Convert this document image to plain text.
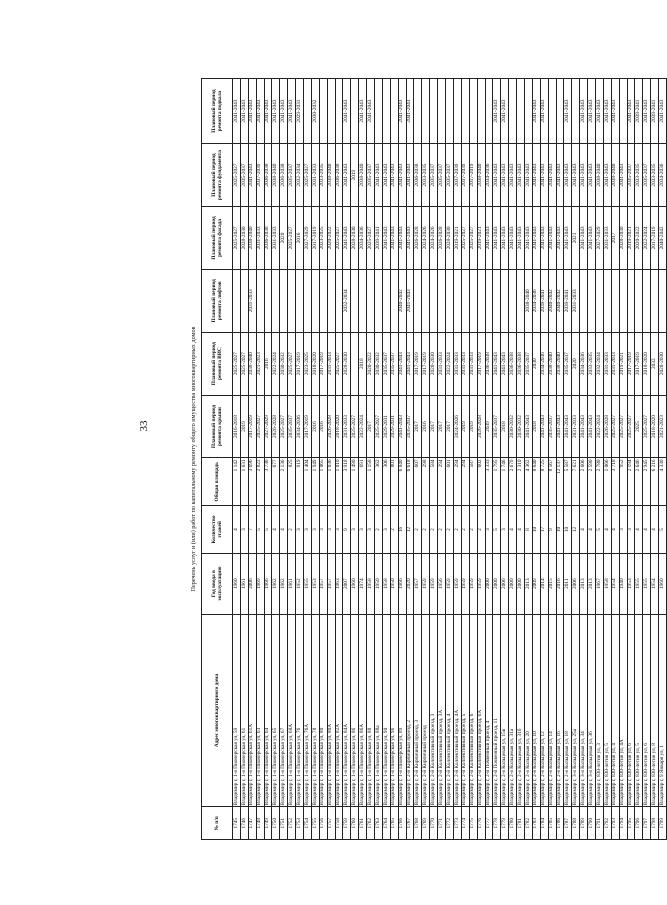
33	Перечень услуг и (или) работ по капитальному ремонту общего имущества многоквартирных домов
№ п/п	Адрес многоквартирного дома	Год ввода в эксплуатацию	Количество этажей	Общая площадь	Плановый период ремонта крыши	Плановый период ремонта ВИС	Плановый период ремонта лифтов	Плановый период ремонта фасада	Плановый период ремонта фундамента	Плановый период ремонта подвала
1745	Владимир г, 1-я Пионерская ул, 59	1960	4	1 142	2016-2018	2025-2027		2025-2027	2025-2027	2041-2043
1746	Владимир г, 1-я Пионерская ул, 61	1961	3	1 631	2019	2025-2027		2028-2030	2035-2037	2041-2043
1747	Владимир г, 1-я Пионерская ул, 61А	2006	7	3 696	2017-2019	2038-2040	2031-2033	2038-2040	2041-2043	2041-2043
1748	Владимир г, 1-я Пионерская ул, 63	1969	5	2 822	2025-2027	2021-2023		2031-2033	2037-2039	2041-2043
1749	Владимир г, 1-я Пионерская ул, 64	1966	5	3 736	2027-2029	2016		2036-2038	2036-2038	2041-2043
1750	Владимир г, 1-я Пионерская ул, 65	1962	4	677	2026-2028	2022-2024		2031-2033	2038-2040	2041-2043
1751	Владимир г, 1-я Пионерская ул, 67	1962	4	2 136	2025-2027	2030-2032		2020	2036-2038	2041-2043
1752	Владимир г, 1-я Пионерская ул, 68А	1961	2	825	2035-2037	2025-2027		2025-2027	2035-2037	2041-2043
1753	Владимир г, 1-я Пионерская ул, 76	1952	3	919	2034-2036	2017-2019		2016	2032-2034	2029-2031
1754	Владимир г, 1-я Пионерская ул, 76А	1955	3	1 404	2017-2019	2023-2025		2027-2029	2025-2027	
1755	Владимир г, 1-я Пионерская ул, 78	1953	3	1 949	2016	2018-2020		2017-2019	2031-2033	2030-2032
1756	Владимир г, 1-я Пионерская ул, 80	1957	3	1 065	2016	2017-2019		2023-2025	2033-2035	
1757	Владимир г, 1-я Пионерская ул, 80А	1957	3	1 036	2026-2028	2031-2033		2020-2022	2038-2040	
1758	Владимир г, 1-я Пионерская ул, 82А	1963	3	1 010	2018-2020	2025-2027		2025-2027	2036-2038	
1759	Владимир г, 1-я Пионерская ул, 84А	2007	9	3 918	2031-2033	2028-2030	2032-2034	2041-2043	2041-2043	2041-2043
1760	Владимир г, 1-я Пионерская ул, 86	1960	3	1 490	2025-2027			2028-2030	2019	
1761	Владимир г, 1-я Пионерская ул, 86А	1974	3	691	2022-2024	2018		2034-2036	2038-2040	2041-2043
1762	Владимир г, 1-я Пионерская ул, 88	1958	3	1 158	2017	2020-2022		2025-2027	2035-2037	2041-2043
1763	Владимир г, 1-я Пионерская ул, 88а	1950	2	362	2025-2027	2030-2032		2039-2041	2041-2043	
1764	Владимир г, 1-я Пионерская ул, 90	1958	3	306	2029-2031	2035-2037		2041-2043	2041-2043	
1765	Владимир г, 1-я Пионерская ул, 9б	1950	2	801	2029-2031	2035-2037		2041-2043	2041-2043	
1766	Владимир г, 1-я Пионерская ул, 89	1966	16	6 840	2041-2043	2041-2043	2040-2042	2041-2043	2041-2043	2041-2043
1767	Владимир г, 2-й Кирпичный проезд, 2	2020	12	6 618	2035-2037	2041-2043	2041-2043	2041-2043	2041-2043	2041-2043
1768	Владимир г, 2-й Кирпичный проезд, 3	1957	2	607	2017	2017-2019		2026-2028	2036-2038	
1769	Владимир г, 2-й Кирпичный проезд	1959	2	298	2016	2017-2019		2024-2026	2033-2035	
1770	Владимир г, 2-й Коллективный проезд, 3	1959	2	584	2017	2020-2030		2024-2026	2035-2037	
1771	Владимир г, 2-й Коллективный проезд, 3А	1956	2	294	2017	2031-2033		2026-2028	2035-2037	
1772	Владимир г, 2-й Коллективный проезд, 4	1959	2	601	2017	2022-2024		2028-2030	2035-2037	
1773	Владимир г, 2-й Коллективный проезд, 4А	1959	2	294	2024-2026	2031-2033		2019-2021	2037-2039	
1774	Владимир г, 2-й Коллективный проезд, 5	1959	2	294	2019	2031-2033		2025-2027	2037-2039	
1775	Владимир г, 2-й Коллективный проезд, 6	1959	2	587	2019	2031-2033		2025-2027	2017-2019	
1776	Владимир г, 2-й Коллективный проезд, 6А	1959	2	602	2026-2028	2017-2019		2019-2021	2038-2040	
1777	Владимир г, 2-й Почвенный проезд, 4	2000	3	3 333	2039	2036-2038		2041-2043	2034-2036	
1778	Владимир г, 2-й Почвенный проезд, 11	2000	5	1 795	2035-2037	2041-2043		2041-2043	2041-2043	2041-2043
1779	Владимир г, 2-я Кольцевая ул, 15в	2006	3	1 746	2018	2041-2043		2041-2043	2041-2043	2041-2043
1780	Владимир г, 2-я Кольцевая ул, 31а	2000	4	2 679	2030-2032	2036-2038		2041-2043	2041-2043	
1781	Владимир г, 2-я Кольцевая ул, 31б	2000	4	2 310	2030-2032	2036-2038		2041-2043	2041-2043	
1782	Владимир г, 2-я Кольцевая ул, 20	2013	8	4 362	2041-2043	2035-2037	2038-2040	2041-2043	2041-2043	
1783	Владимир г, 2-я Кольцевая ул, 10	2009	10	8 640	2018	2030	2034-2036	2041-2043	2041-2043	2041-2043
1784	Владимир г, 2-я Кольцевая ул, 12	2014	17	8 725	2041-2043	2034-2036	2039-2041	2041-2043	2041-2043	2041-2043
1785	Владимир г, 2-я Кольцевая ул, 14	2015	9	8 567	2035-2037	2038-2040	2040-2042	2041-2043	2041-2043	
1786	Владимир г, 2-я Кольцевая ул, 16	2016	10	12 137	2041-2043	2038-2040	2040-2042	2041-2043	2041-2043	
1787	Владимир г, 2-я Кольцевая ул, 18	2011	10	5 587	2041-2043	2035-2037	2039-2041	2041-2043	2041-2043	2041-2043
1788	Владимир г, 3-я Кольцевая ул, 25а	2006	12	7 621	2031-2033	2020	2031-2033	2021	2041-2043	
1789	Владимир г, 3-я Кольцевая ул, 34	2013	4	2 606	2041-2043	2034-2036		2041-2043	2041-2043	2041-2043
1790	Владимир г, 3-я Кольцевая ул, 36	2013	4	2 590	2041-2043	2033-2035		2041-2043	2041-2043	2041-2043
1791	Владимир г, 830-летия ул, 3	1967	5	2 780	2022-2024	2032-2034		2027-2029	2038-2040	2041-2043
1792	Владимир г, 830-летия ул, 5	1958	4	1 066	2026-2028	2031-2033		2031-2033	2041-2043	2041-2043
1793	Владимир г, 830-летия ул, 4	1954	4	3 718	2025-2027	2031-2033		2017	2038-2040	2041-2043
1794	Владимир г, 830-летия ул, 4А	1940	3	952	2025-2027	2019-2021		2028-2030	2041-2043	
1795	Владимир г, 830-летия ул, 6	1953	3	2 194	2025-2027	2017-2019		2019-2021	2035-2037	2041-2043
1796	Владимир г, 830-летия ул, 5	1955	4	2 646	2025	2017-2019		2020-2022	2033-2035	2039-2041
1797	Владимир г, 830-летия ул, 6	1955	4	2 945	2025-2027	2018-2020		2022-2024	2035-2037	2041-2043
1798	Владимир г, 830-летия ул, 8	1954	4	6 216	2018-2020	2032		2017-2019	2033-2035	2039-2041
1799	Владимир г, 9 Января ул, 1	1960	5	4 330	2021-2023	2028-2030		2040-2042	2034-2036	2041-2043
